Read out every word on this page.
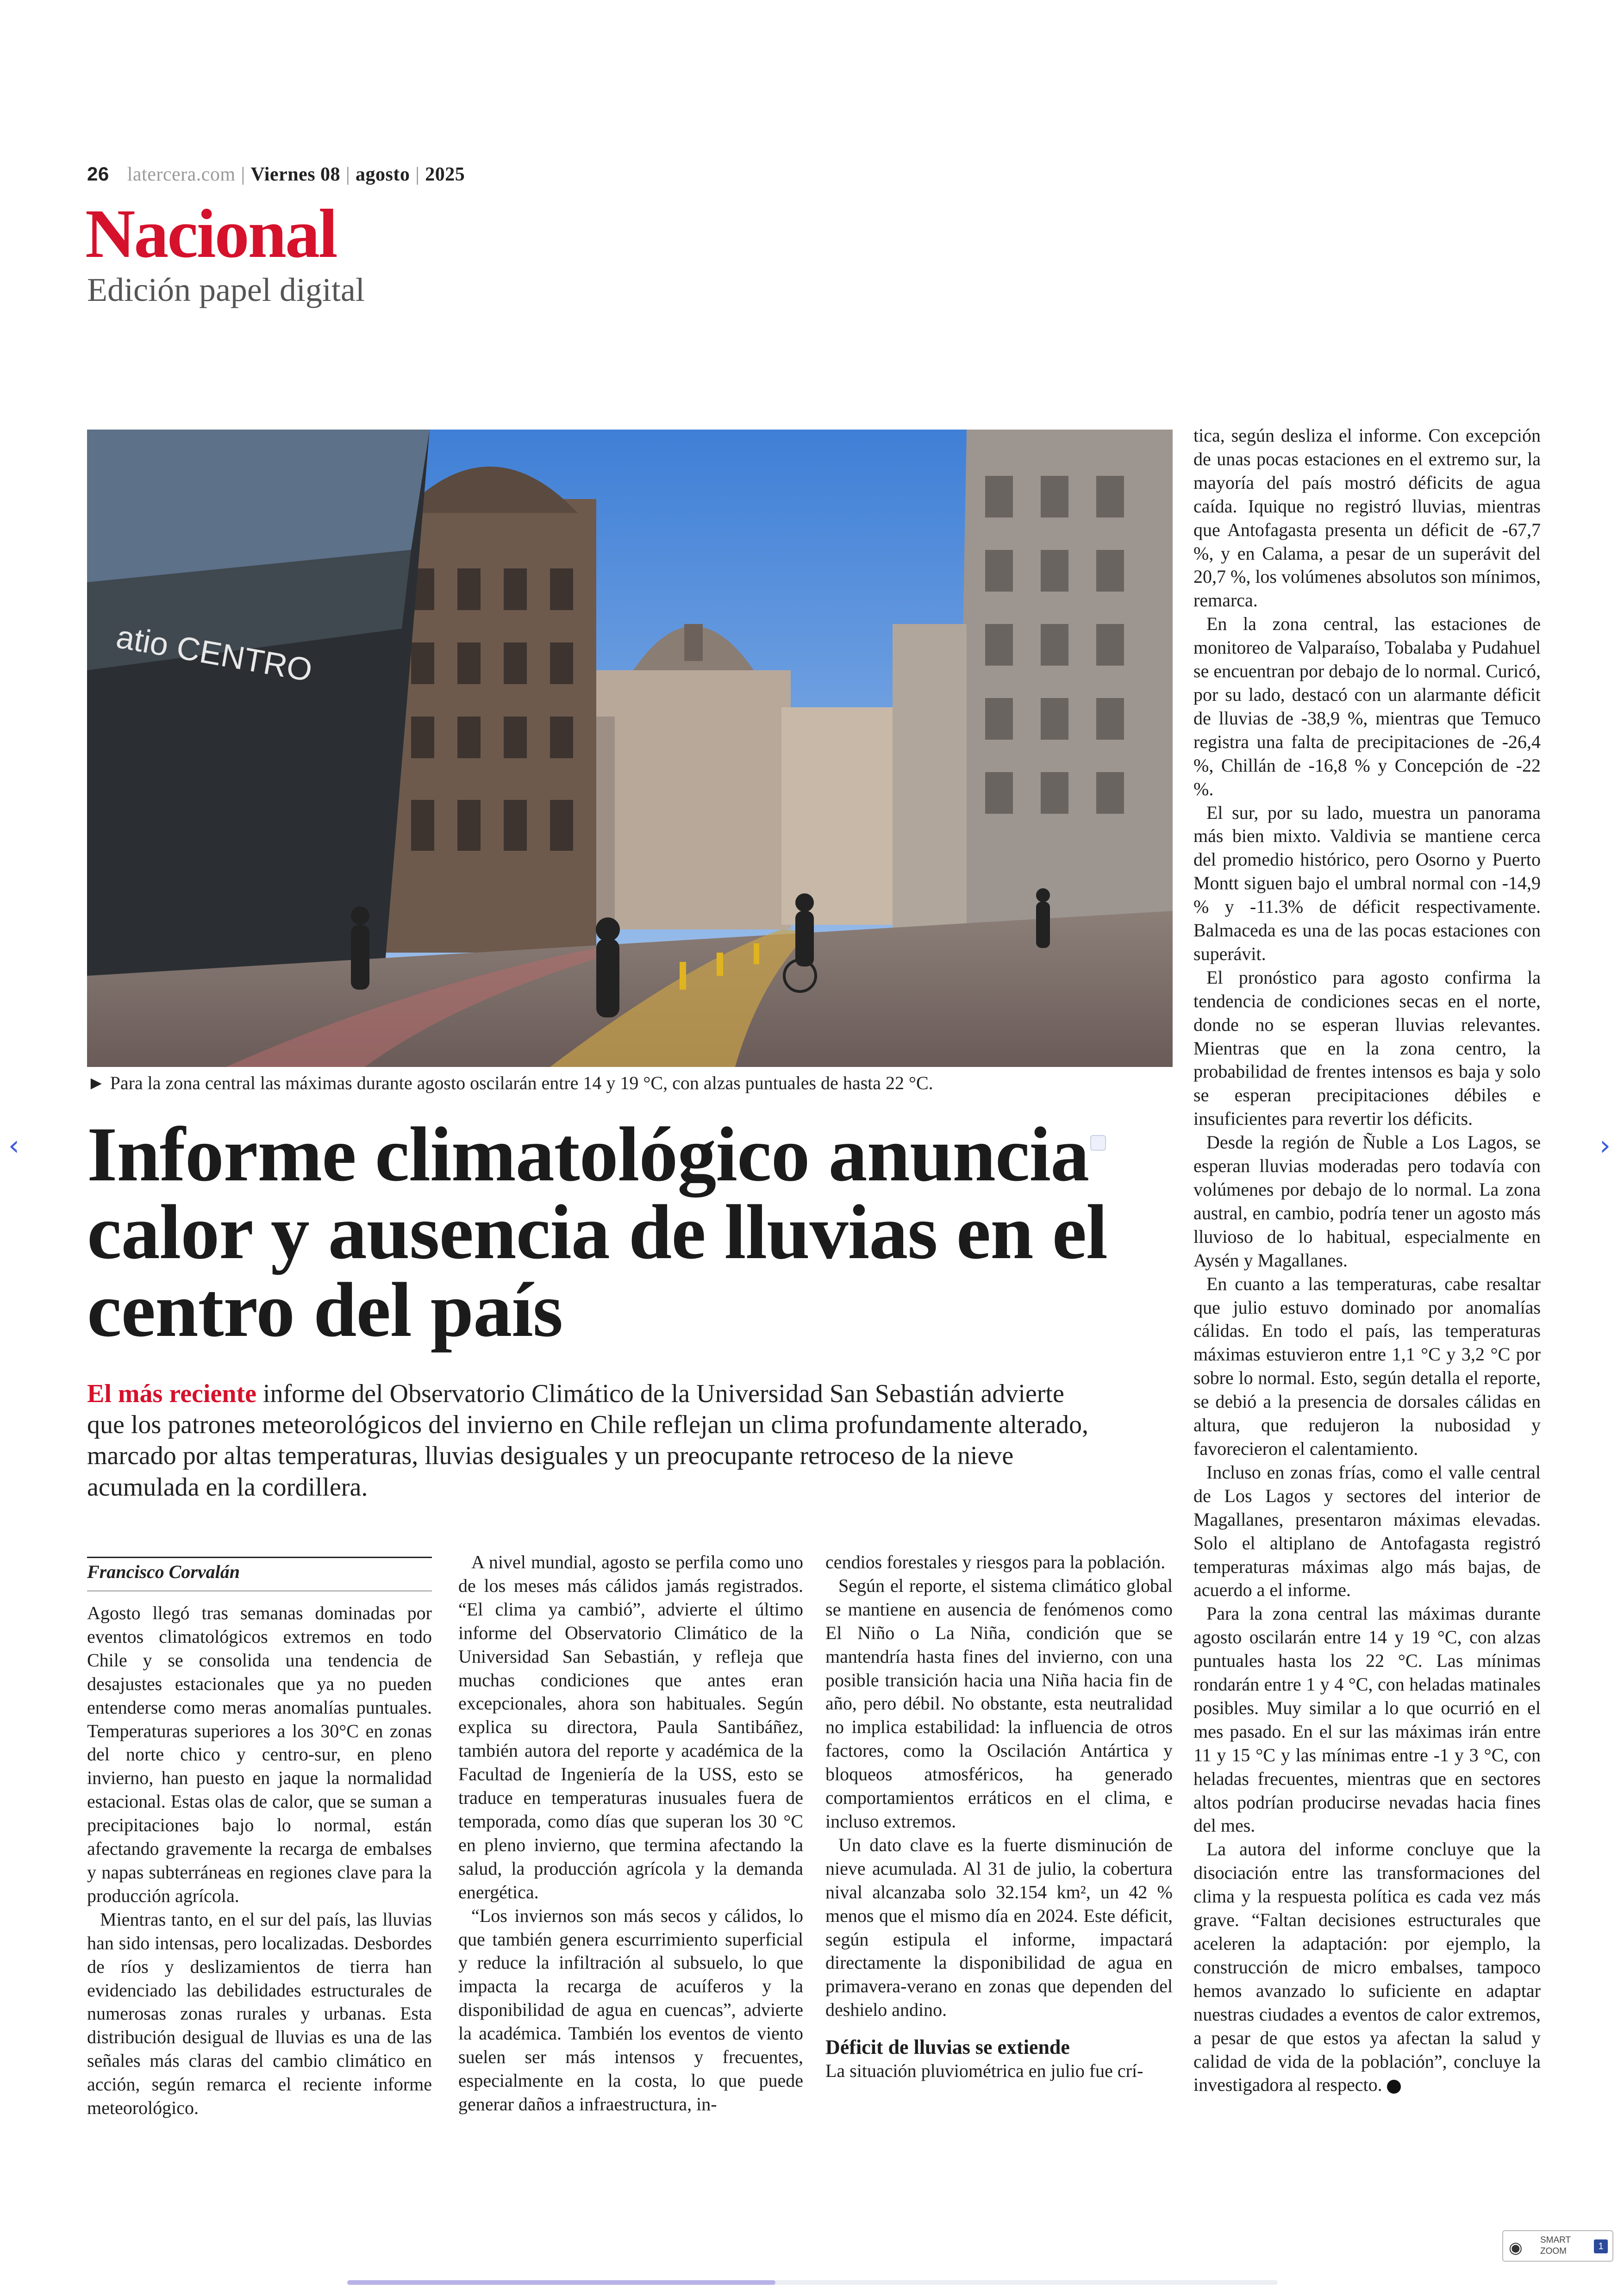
26 latercera.com | Viernes 08 | agosto | 2025
Nacional
Edición papel digital
atio CENTRO
► Para la zona central las máximas durante agosto oscilarán entre 14 y 19 °C, con alzas puntuales de hasta 22 °C.
Informe climatológico anuncia calor y ausencia de lluvias en el centro del país
El más reciente informe del Observatorio Climático de la Universidad San Sebastián advierte que los patrones meteorológicos del invierno en Chile reflejan un clima profundamente alterado, marcado por altas temperaturas, lluvias desiguales y un preocupante retroceso de la nieve acumulada en la cordillera.
Francisco Corvalán

Agosto llegó tras semanas dominadas por eventos climatológicos extremos en todo Chile y se consolida una tendencia de desajustes estacionales que ya no pueden entenderse como meras anomalías puntuales. Temperaturas superiores a los 30°C en zonas del norte chico y centro-sur, en pleno invierno, han puesto en jaque la normalidad estacional. Estas olas de calor, que se suman a precipitaciones bajo lo normal, están afectando gravemente la recarga de embalses y napas subterráneas en regiones clave para la producción agrícola.

Mientras tanto, en el sur del país, las lluvias han sido intensas, pero localizadas. Desbordes de ríos y deslizamientos de tierra han evidenciado las debilidades estructurales de numerosas zonas rurales y urbanas. Esta distribución desigual de lluvias es una de las señales más claras del cambio climático en acción, según remarca el reciente informe meteorológico.

A nivel mundial, agosto se perfila como uno de los meses más cálidos jamás registrados. “El clima ya cambió”, advierte el último informe del Observatorio Climático de la Universidad San Sebastián, y refleja que muchas condiciones que antes eran excepcionales, ahora son habituales. Según explica su directora, Paula Santibáñez, también autora del reporte y académica de la Facultad de Ingeniería de la USS, esto se traduce en temperaturas inusuales fuera de temporada, como días que superan los 30 °C en pleno invierno, que termina afectando la salud, la producción agrícola y la demanda energética.

“Los inviernos son más secos y cálidos, lo que también genera escurrimiento superficial y reduce la infiltración al subsuelo, lo que impacta la recarga de acuíferos y la disponibilidad de agua en cuencas”, advierte la académica. También los eventos de viento suelen ser más intensos y frecuentes, especialmente en la costa, lo que puede generar daños a infraestructura, in-

cendios forestales y riesgos para la población.

Según el reporte, el sistema climático global se mantiene en ausencia de fenómenos como El Niño o La Niña, condición que se mantendría hasta fines del invierno, con una posible transición hacia una Niña hacia fin de año, pero débil. No obstante, esta neutralidad no implica estabilidad: la influencia de otros factores, como la Oscilación Antártica y bloqueos atmosféricos, ha generado comportamientos erráticos en el clima, e incluso extremos.

Un dato clave es la fuerte disminución de nieve acumulada. Al 31 de julio, la cobertura nival alcanzaba solo 32.154 km², un 42 % menos que el mismo día en 2024. Este déficit, según estipula el informe, impactará directamente la disponibilidad de agua en primavera-verano en zonas que dependen del deshielo andino.

Déficit de lluvias se extiende

La situación pluviométrica en julio fue crí-

tica, según desliza el informe. Con excepción de unas pocas estaciones en el extremo sur, la mayoría del país mostró déficits de agua caída. Iquique no registró lluvias, mientras que Antofagasta presenta un déficit de -67,7 %, y en Calama, a pesar de un superávit del 20,7 %, los volúmenes absolutos son mínimos, remarca.

En la zona central, las estaciones de monitoreo de Valparaíso, Tobalaba y Pudahuel se encuentran por debajo de lo normal. Curicó, por su lado, destacó con un alarmante déficit de lluvias de -38,9 %, mientras que Temuco registra una falta de precipitaciones de -26,4 %, Chillán de -16,8 % y Concepción de -22 %.

El sur, por su lado, muestra un panorama más bien mixto. Valdivia se mantiene cerca del promedio histórico, pero Osorno y Puerto Montt siguen bajo el umbral normal con -14,9 % y -11.3% de déficit respectivamente. Balmaceda es una de las pocas estaciones con superávit.

El pronóstico para agosto confirma la tendencia de condiciones secas en el norte, donde no se esperan lluvias relevantes. Mientras que en la zona centro, la probabilidad de frentes intensos es baja y solo se esperan precipitaciones débiles e insuficientes para revertir los déficits.

Desde la región de Ñuble a Los Lagos, se esperan lluvias moderadas pero todavía con volúmenes por debajo de lo normal. La zona austral, en cambio, podría tener un agosto más lluvioso de lo habitual, especialmente en Aysén y Magallanes.

En cuanto a las temperaturas, cabe resaltar que julio estuvo dominado por anomalías cálidas. En todo el país, las temperaturas máximas estuvieron entre 1,1 °C y 3,2 °C por sobre lo normal. Esto, según detalla el reporte, se debió a la presencia de dorsales cálidas en altura, que redujeron la nubosidad y favorecieron el calentamiento.

Incluso en zonas frías, como el valle central de Los Lagos y sectores del interior de Magallanes, presentaron máximas elevadas. Solo el altiplano de Antofagasta registró temperaturas máximas algo más bajas, de acuerdo a el informe.

Para la zona central las máximas durante agosto oscilarán entre 14 y 19 °C, con alzas puntuales hasta los 22 °C. Las mínimas rondarán entre 1 y 4 °C, con heladas matinales posibles. Muy similar a lo que ocurrió en el mes pasado. En el sur las máximas irán entre 11 y 15 °C y las mínimas entre -1 y 3 °C, con heladas frecuentes, mientras que en sectores altos podrían producirse nevadas hacia fines del mes.

La autora del informe concluye que la disociación entre las transformaciones del clima y la respuesta política es cada vez más grave. “Faltan decisiones estructurales que aceleren la adaptación: por ejemplo, la construcción de micro embalses, tampoco hemos avanzado lo suficiente en adaptar nuestras ciudades a eventos de calor extremos, a pesar de que estos ya afectan la salud y calidad de vida de la población”, concluye la investigadora al respecto.

‹	›
◉ SMART
ZOOM	1
